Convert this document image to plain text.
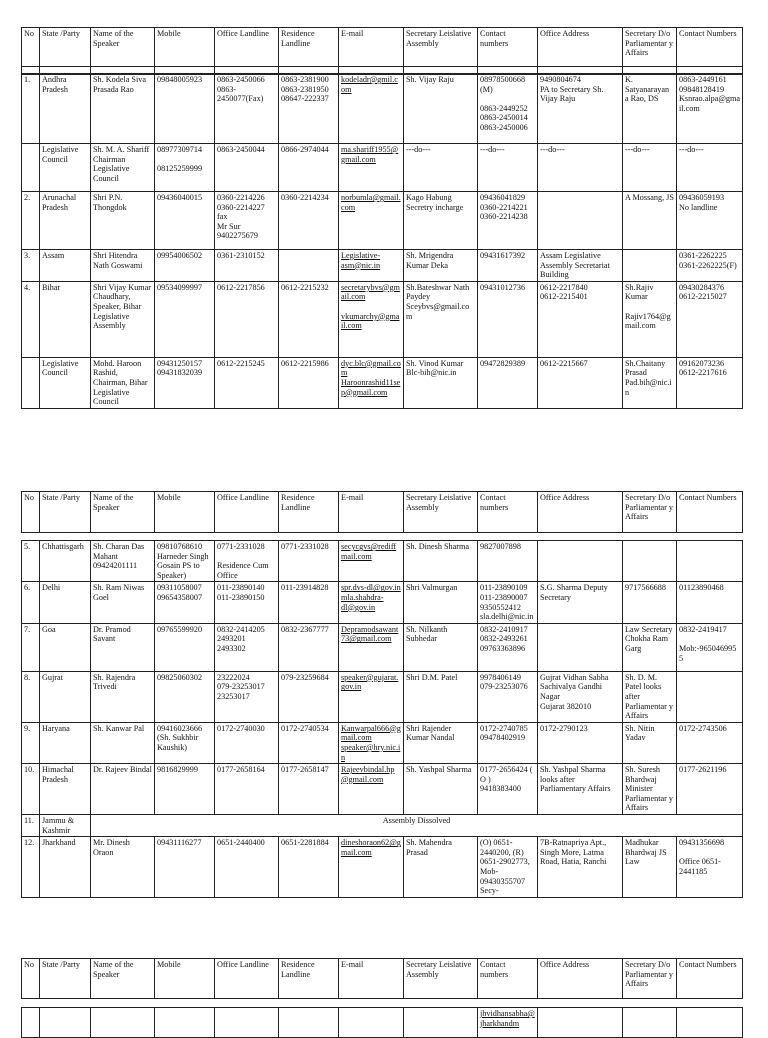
No	State /Party	Name of the Speaker	Mobile	Office Landline	Residence Landline	E-mail	Secretary Leislative Assembly	Contact numbers	Office Address	Secretary D/o Parliamentar y Affairs	Contact Numbers

1.	Andhra Pradesh	Sh. Kodela Siva Prasada Rao	09848005923	0863-2450066
0863-2450077(Fax)	0863-2381900
0863-2381950
08647-222337	kodeladr@gmil.com	Sh. Vijay Raju	08978500668 (M)

0863-2449252
0863-2450014
0863-2450006	9490804674
PA to Secretary Sh. Vijay Raju	K. Satyanarayan a Rao, DS	0863-2449161
09848128419
Ksnrao.alpa@gmail.com

	Legislative Council	Sh. M. A. Shariff
Chairman Legislative Council	08977309714

08125259999	0863-2450044	0866-2974044	ma.shariff1955@gmail.com	---do---	---do---	---do---	---do---	---do---

2.	Arunachal Pradesh	Shri P.N. Thongdok	09436040015	0360-2214226
0360-2214227 fax
Mr Sur 9402275679	0360-2214234	norbumla@gmail.com	Kago Habung Secretry incharge	09436041829
0360-2214221
0360-2214238		A Mossang, JS	09436059193
No landline

3.	Assam	Shri Hitendra Nath Goswami	09954006502	0361-2310152		Legislative-asm@nic.in	Sh. Mrigendra Kumar Deka	09431617392	Assam Legislative Assembly Secretariat Building		0361-2262225
0361-2262225(F)

4.	Bihar	Shri Vijay Kumar Chaudhary, Speaker, Bihar Legislative Assembly	09534099997	0612-2217856	0612-2215232	secretarybvs@gmail.com

vkumarchy@gmail.com	Sh.Bateshwar Nath Paydey Sceybvs@gmail.com	09431012736	0612-2217840
0612-2215401	Sh.Rajiv Kumar

Rajiv1764@gmail.com	09430284376
0612-2215027

	Legislative Council	Mohd. Haroon Rashid, Chairman, Bihar Legislative Council	09431250157
09431832039	0612-2215245	0612-2215986	dyc.blc@gmail.com
Haroonrashid11sep@gmail.com	Sh. Vinod Kumar Blc-bih@nic.in	09472829389	0612-2215667	Sh.Chaitany Prasad Pad.bih@nic.in	09162073236
0612-2217616
No	State /Party	Name of the Speaker	Mobile	Office Landline	Residence Landline	E-mail	Secretary Leislative Assembly	Contact numbers	Office Address	Secretary D/o Parliamentar y Affairs	Contact Numbers
5.	Chhattisgarh	Sh. Charan Das Mahant 09424201111	09810768610
Harneder Singh Gosain PS to Speaker)	0771-2331028

Residence Cum Office	0771-2331028	secycgvs@rediffmail.com	Sh. Dinesh Sharma	9827007898			

6.	Delhi	Sh. Ram Niwas Goel	09311058007
09654358007	011-23890140
011-23890150	011-23914828	spr.dvs-dl@gov.in
mla.shahdra-dl@gov.in	Shri Valmurgan	011-23890109
011-23890007
9350552412
sla.delhi@nic.in	S.G. Sharma Deputy Secretary	9717566688	01123890468

7.	Goa	Dr. Pramod Savant	09765599920	0832-2414205
2493201
2493302	0832-2367777	Depramodsawant73@gmail.com	Sh. Nilkanth Subhedar	0832-2410917
0832-2493261
09763363896		Law Secretary Chokha Ram Garg	0832-2419417

Mob:-9650469955

8.	Gujrat	Sh. Rajendra Trivedi	09825060302	23222024
079-23253017
23253017	079-23259684	speaker@gujarat.gov.in	Shri D.M. Patel	9978406149
079-23253076	Gujrat Vidhan Sabha Sachivalya Gandhi Nagar
Gujarat 382010	Sh. D. M. Patel looks after Parliamentar y Affairs	

9.	Haryana	Sh. Kanwar Pal	09416023666
(Sh. Sukhbir Kaushik)	0172-2740030	0172-2740534	Kanwarpal666@gmail.com
speaker@hry.nic.in	Shri Rajender Kumar Nandal	0172-2740785
09478402919	0172-2790123	Sh. Nitin Yadav	0172-2743506

10.	Himachal Pradesh	Dr. Rajeev Bindal	9816829999	0177-2658164	0177-2658147	Rajeevbindal.hp@gmail.com	Sh. Yashpal Sharma	0177-2656424 ( O )
9418383400	Sh. Yashpal Sharma looks after Parliamentary Affairs	Sh. Suresh Bhardwaj Minister Parliamentar y Affairs	0177-2621196

11.	Jammu & Kashmir	Assembly Dissolved									

12.	Jharkhand	Mr. Dinesh Oraon	09431116277	0651-2440400	0651-2281884	dineshoraon62@gmail.com	Sh. Mahendra Prasad	(O) 0651-2440200, (R) 0651-2902773, Mob-09430355707 Secy-	7B-Ratnapriya Apt., Singh More, Latma Road, Hatia, Ranchi	Madhukar Bhardwaj JS Law	09431356698

Office 0651-2441185
No	State /Party	Name of the Speaker	Mobile	Office Landline	Residence Landline	E-mail	Secretary Leislative Assembly	Contact numbers	Office Address	Secretary D/o Parliamentar y Affairs	Contact Numbers
								jhvidhansabha@jharkhandm			
